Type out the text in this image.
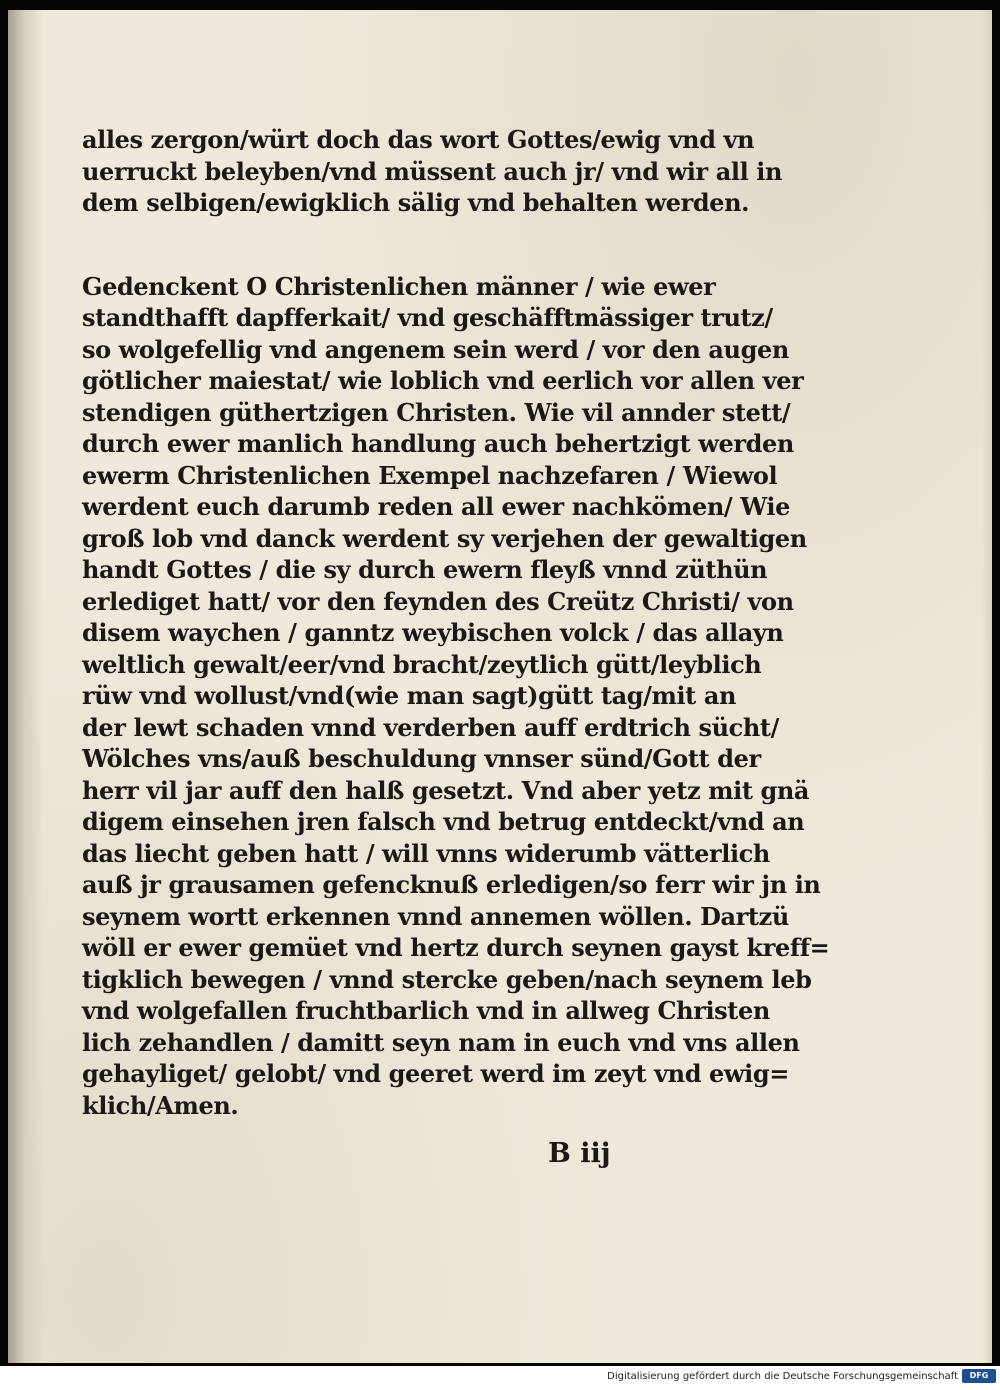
alles zergon/würt doch das wort Gottes/ewig vnd vn
uerruckt beleyben/vnd müssent auch jr/ vnd wir all in
dem selbigen/ewigklich sälig vnd behalten werden.
Gedenckent O Christenlichen männer / wie ewer
standthafft dapfferkait/ vnd geschäfftmässiger trutz/
so wolgefellig vnd angenem sein werd / vor den augen
götlicher maiestat/ wie loblich vnd eerlich vor allen ver
stendigen güthertzigen Christen. Wie vil annder stett/
durch ewer manlich handlung auch behertzigt werden
ewerm Christenlichen Exempel nachzefaren / Wiewol
werdent euch darumb reden all ewer nachkömen/ Wie
groß lob vnd danck werdent sy verjehen der gewaltigen
handt Gottes / die sy durch ewern fleyß vnnd züthün
erlediget hatt/ vor den feynden des Creütz Christi/ von
disem waychen / ganntz weybischen volck / das allayn
weltlich gewalt/eer/vnd bracht/zeytlich gütt/leyblich
rüw vnd wollust/vnd(wie man sagt)gütt tag/mit an
der lewt schaden vnnd verderben auff erdtrich sücht/
Wölches vns/auß beschuldung vnnser sünd/Gott der
herr vil jar auff den halß gesetzt. Vnd aber yetz mit gnä
digem einsehen jren falsch vnd betrug entdeckt/vnd an
das liecht geben hatt / will vnns widerumb vätterlich
auß jr grausamen gefencknuß erledigen/so ferr wir jn in
seynem wortt erkennen vnnd annemen wöllen. Dartzü
wöll er ewer gemüet vnd hertz durch seynen gayst kreff=
tigklich bewegen / vnnd stercke geben/nach seynem leb
vnd wolgefallen fruchtbarlich vnd in allweg Christen
lich zehandlen / damitt seyn nam in euch vnd vns allen
gehayliget/ gelobt/ vnd geeret werd im zeyt vnd ewig=
klich/Amen.
B iij
Digitalisierung gefördert durch die Deutsche Forschungsgemeinschaft	DFG
